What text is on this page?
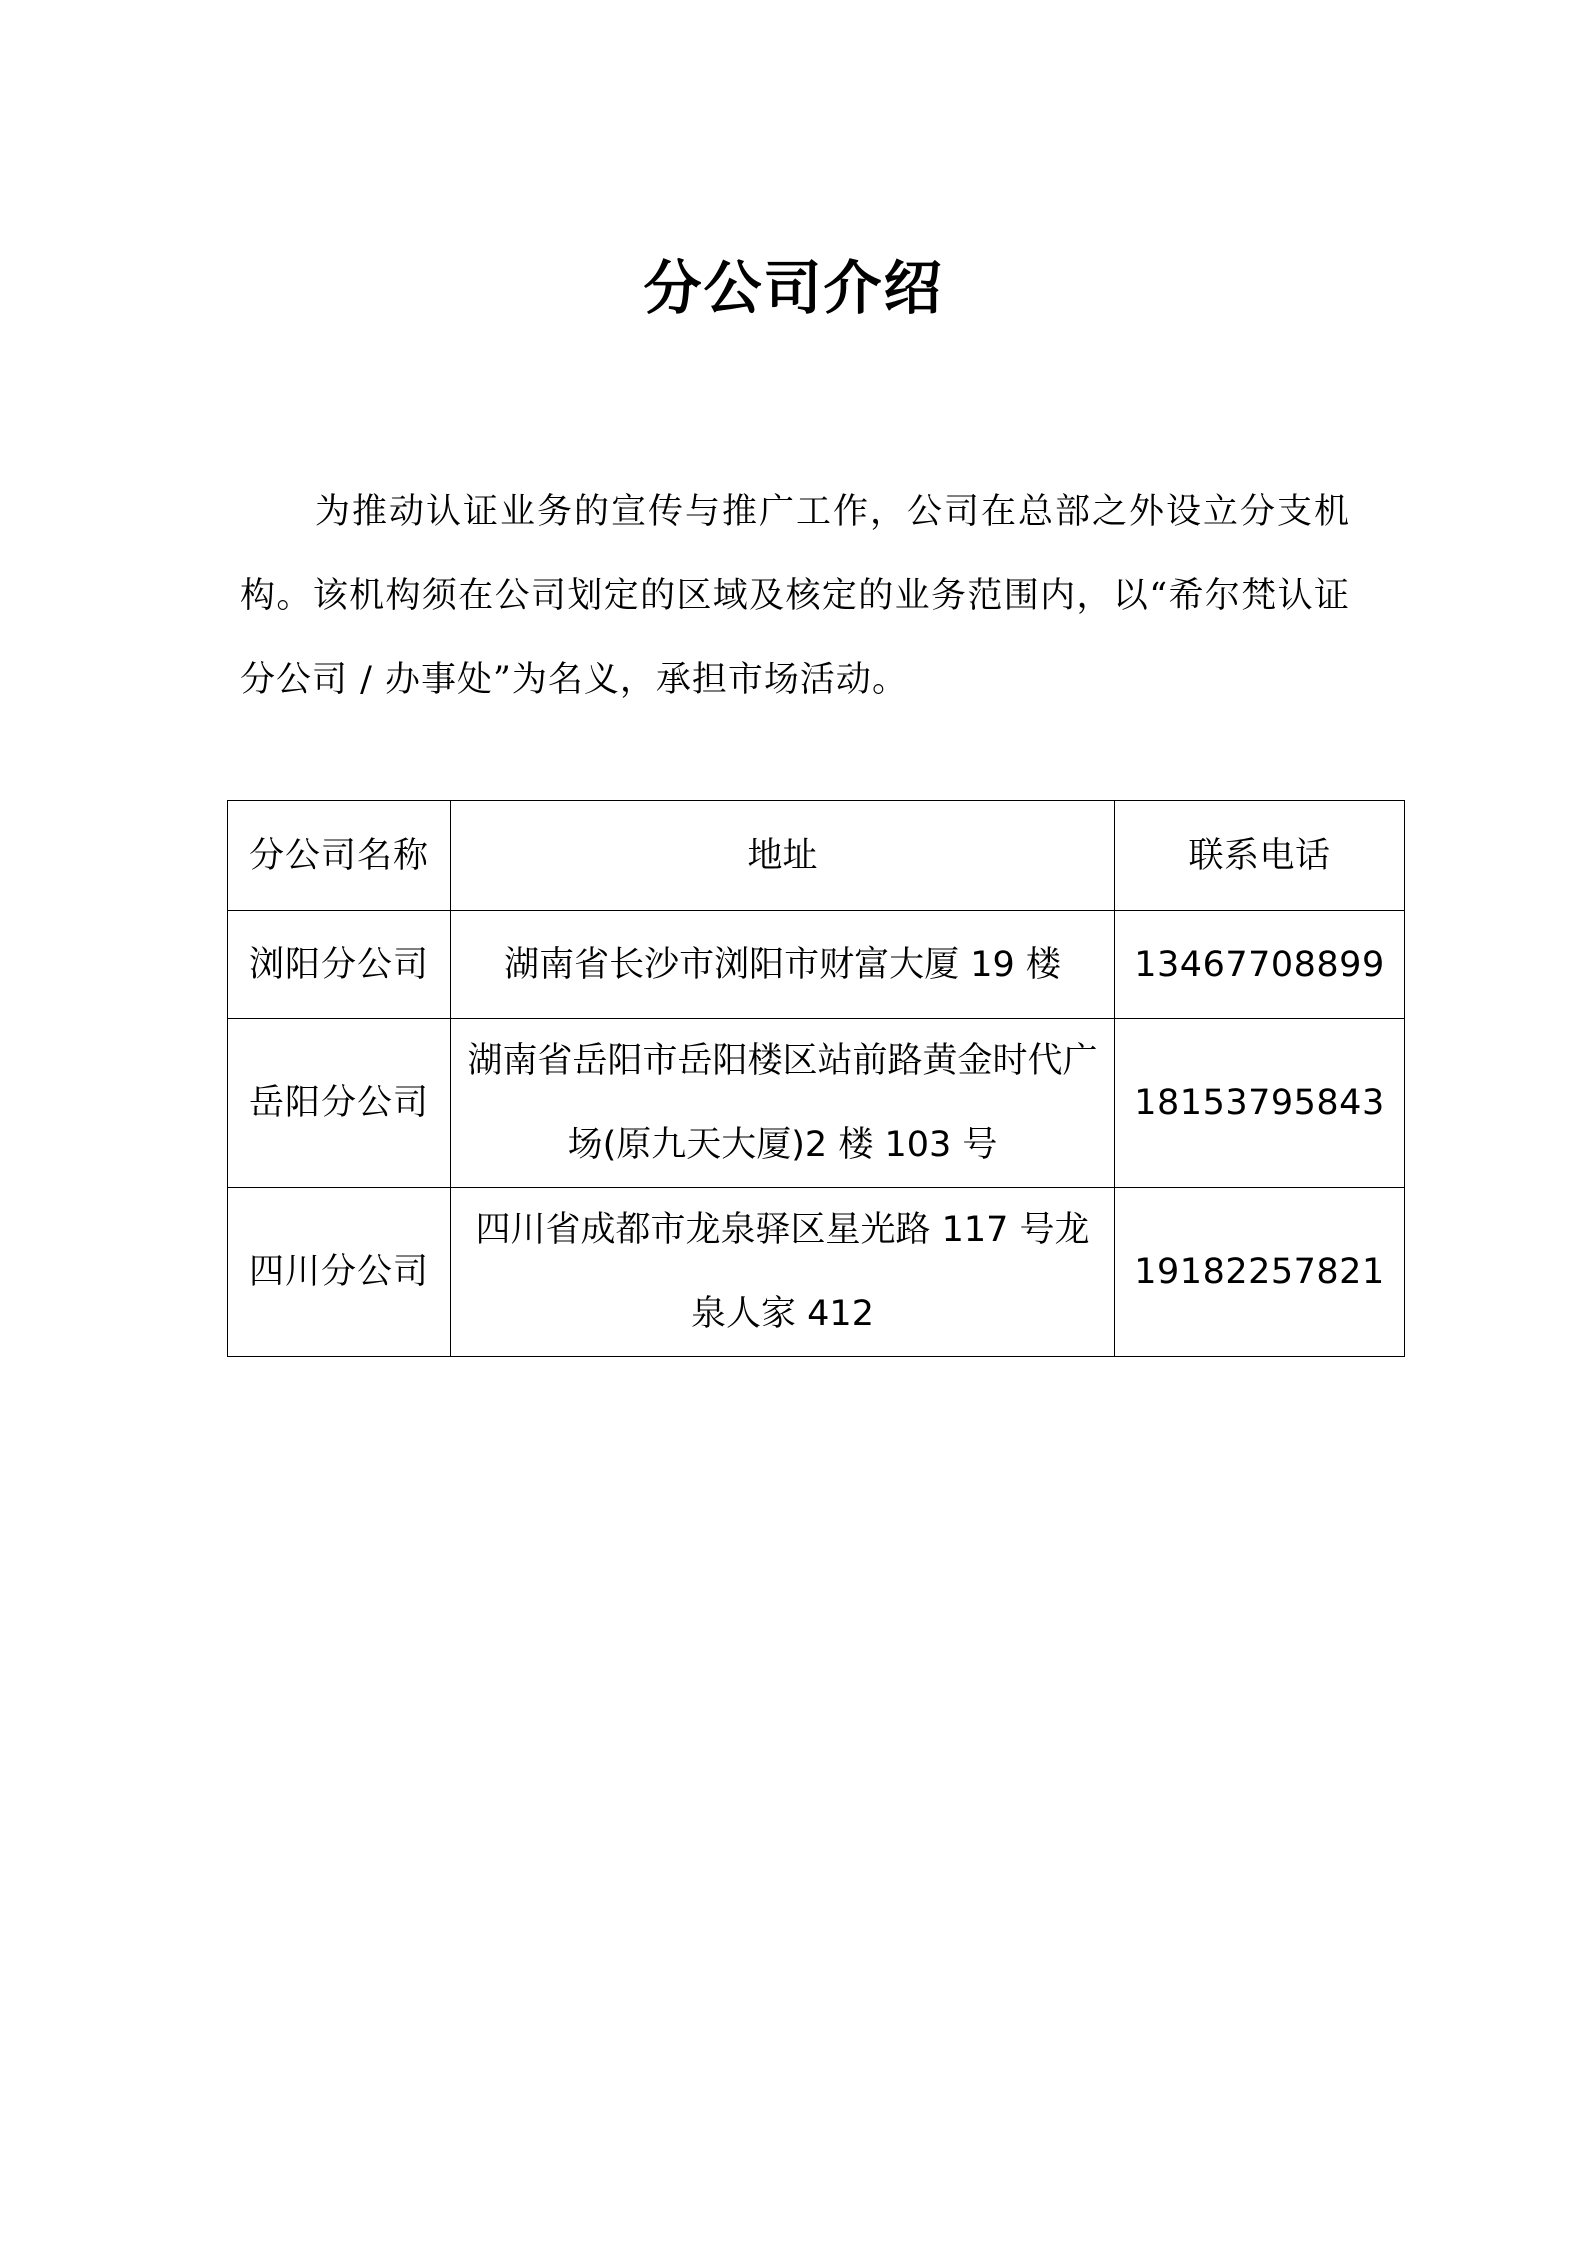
分公司介绍

为推动认证业务的宣传与推广工作，公司在总部之外设立分支机构。该机构须在公司划定的区域及核定的业务范围内，以“希尔梵认证分公司 / 办事处”为名义，承担市场活动。

分公司名称	地址	联系电话
浏阳分公司	湖南省长沙市浏阳市财富大厦 19 楼	13467708899
岳阳分公司	湖南省岳阳市岳阳楼区站前路黄金时代广场(原九天大厦)2 楼 103 号	18153795843
四川分公司	四川省成都市龙泉驿区星光路 117 号龙泉人家 412	19182257821
